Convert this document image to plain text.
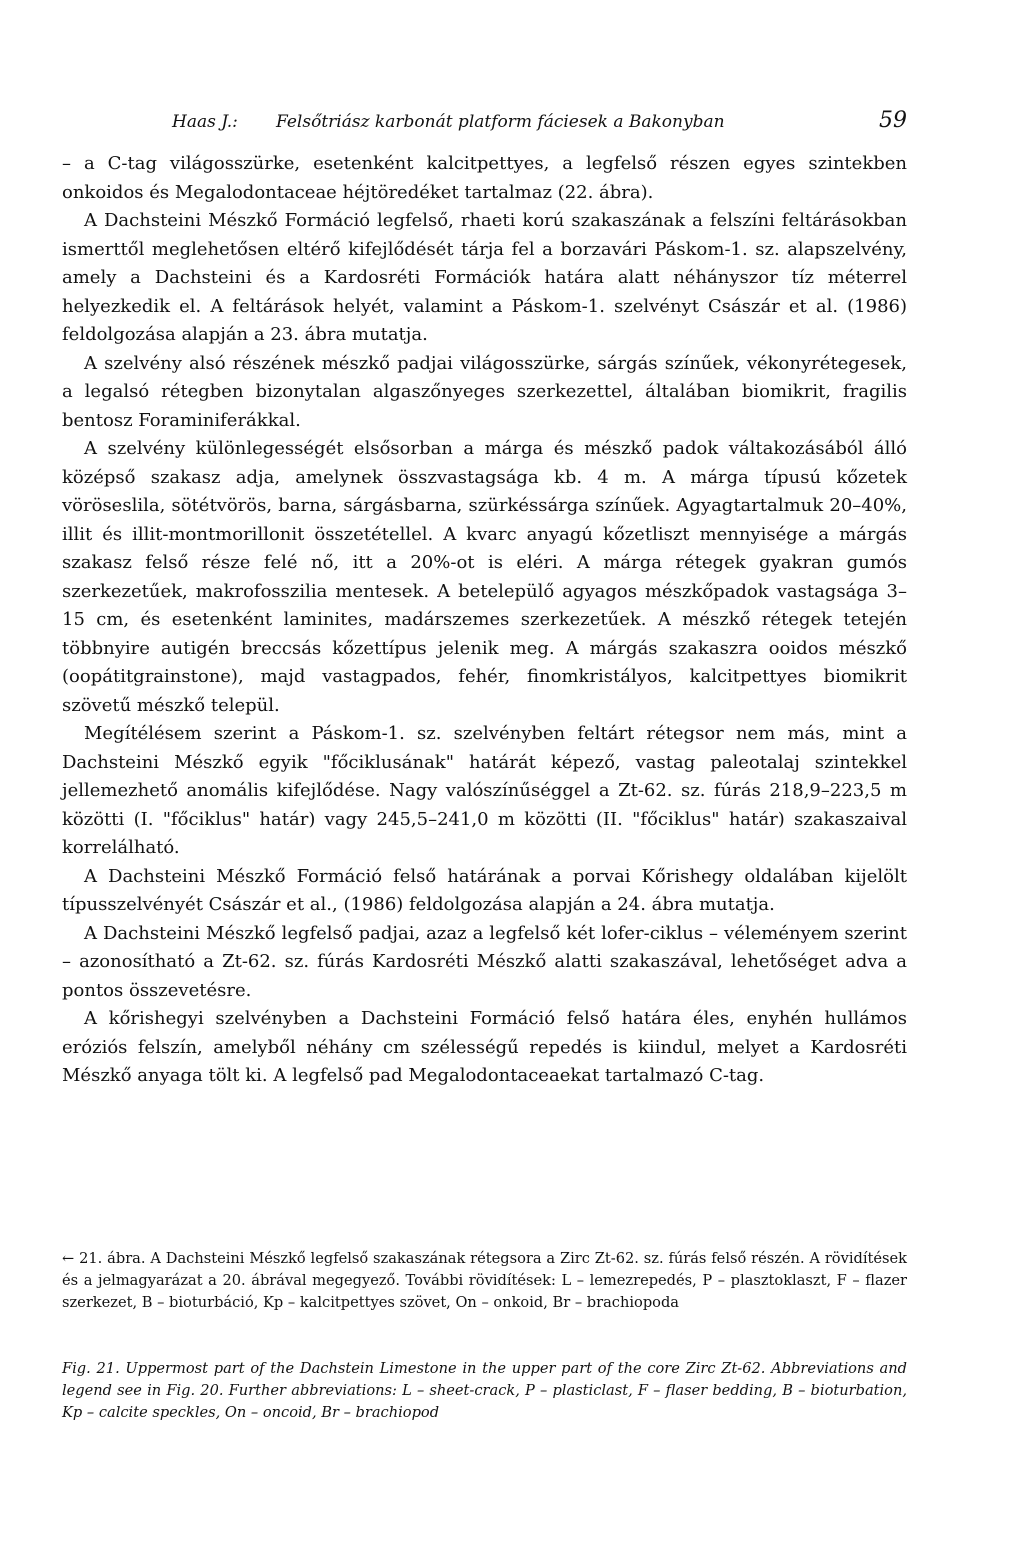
Haas J.: Felsőtriász karbonát platform fáciesek a Bakonyban	59

– a C-tag világosszürke, esetenként kalcitpettyes, a legfelső részen egyes szintekben onkoidos és Megalodontaceae héjtöredéket tartalmaz (22. ábra).

A Dachsteini Mészkő Formáció legfelső, rhaeti korú szakaszának a felszíni feltárásokban ismerttől meglehetősen eltérő kifejlődését tárja fel a borzavári Páskom-1. sz. alapszelvény, amely a Dachsteini és a Kardosréti Formációk határa alatt néhányszor tíz méterrel helyezkedik el. A feltárások helyét, valamint a Páskom-1. szelvényt Császár et al. (1986) feldolgozása alapján a 23. ábra mutatja.

A szelvény alsó részének mészkő padjai világosszürke, sárgás színűek, vékonyrétegesek, a legalsó rétegben bizonytalan algaszőnyeges szerkezettel, általában biomikrit, fragilis bentosz Foraminiferákkal.

A szelvény különlegességét elsősorban a márga és mészkő padok váltakozásából álló középső szakasz adja, amelynek összvastagsága kb. 4 m. A márga típusú kőzetek vöröseslila, sötétvörös, barna, sárgásbarna, szürkéssárga színűek. Agyagtartalmuk 20–40%, illit és illit-montmorillonit összetétellel. A kvarc anyagú kőzetliszt mennyisége a márgás szakasz felső része felé nő, itt a 20%-ot is eléri. A márga rétegek gyakran gumós szerkezetűek, makrofosszilia mentesek. A betelepülő agyagos mészkőpadok vastagsága 3–15 cm, és esetenként laminites, madárszemes szerkezetűek. A mészkő rétegek tetején többnyire autigén breccsás kőzettípus jelenik meg. A márgás szakaszra ooidos mészkő (oopátitgrainstone), majd vastagpados, fehér, finomkristályos, kalcitpettyes biomikrit szövetű mészkő települ.

Megítélésem szerint a Páskom-1. sz. szelvényben feltárt rétegsor nem más, mint a Dachsteini Mészkő egyik "főciklusának" határát képező, vastag paleotalaj szintekkel jellemezhető anomális kifejlődése. Nagy valószínűséggel a Zt-62. sz. fúrás 218,9–223,5 m közötti (I. "főciklus" határ) vagy 245,5–241,0 m közötti (II. "főciklus" határ) szakaszaival korrelálható.

A Dachsteini Mészkő Formáció felső határának a porvai Kőrishegy oldalában kijelölt típusszelvényét Császár et al., (1986) feldolgozása alapján a 24. ábra mutatja.

A Dachsteini Mészkő legfelső padjai, azaz a legfelső két lofer-ciklus – véleményem szerint – azonosítható a Zt-62. sz. fúrás Kardosréti Mészkő alatti szakaszával, lehetőséget adva a pontos összevetésre.

A kőrishegyi szelvényben a Dachsteini Formáció felső határa éles, enyhén hullámos eróziós felszín, amelyből néhány cm szélességű repedés is kiindul, melyet a Kardosréti Mészkő anyaga tölt ki. A legfelső pad Megalodontaceaekat tartalmazó C-tag.

← 21. ábra. A Dachsteini Mészkő legfelső szakaszának rétegsora a Zirc Zt-62. sz. fúrás felső részén. A rövidítések és a jelmagyarázat a 20. ábrával megegyező. További rövidítések: L – lemezrepedés, P – plasztoklaszt, F – flazer szerkezet, B – bioturbáció, Kp – kalcitpettyes szövet, On – onkoid, Br – brachiopoda
Fig. 21. Uppermost part of the Dachstein Limestone in the upper part of the core Zirc Zt-62. Abbreviations and legend see in Fig. 20. Further abbreviations: L – sheet-crack, P – plasticlast, F – flaser bedding, B – bioturbation, Kp – calcite speckles, On – oncoid, Br – brachiopod
